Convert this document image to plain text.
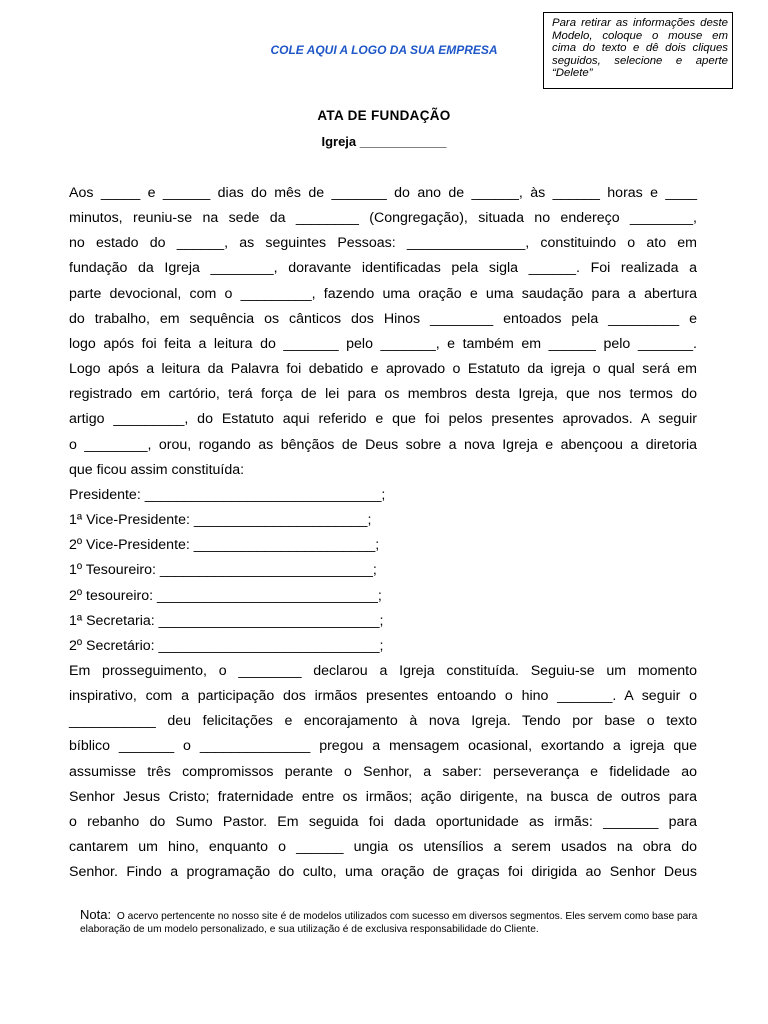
COLE AQUI A LOGO DA SUA EMPRESA
Para retirar as informações deste Modelo, coloque o mouse em cima do texto e dê dois cliques seguidos, selecione e aperte “Delete”
ATA DE FUNDAÇÃO
Igreja ____________
Aos _____ e ______ dias do mês de _______ do ano de ______, às ______ horas e ____
minutos, reuniu-se na sede da ________ (Congregação), situada no endereço ________,
no estado do ______, as seguintes Pessoas: _______________, constituindo o ato em
fundação da Igreja ________, doravante identificadas pela sigla ______. Foi realizada a
parte devocional, com o _________, fazendo uma oração e uma saudação para a abertura
do trabalho, em sequência os cânticos dos Hinos ________ entoados pela _________ e
logo após foi feita a leitura do _______ pelo _______, e também em ______ pelo _______.
Logo após a leitura da Palavra foi debatido e aprovado o Estatuto da igreja o qual será em
registrado em cartório, terá força de lei para os membros desta Igreja, que nos termos do
artigo _________, do Estatuto aqui referido e que foi pelos presentes aprovados. A seguir
o ________, orou, rogando as bênçãos de Deus sobre a nova Igreja e abençoou a diretoria
que ficou assim constituída:
Presidente: ______________________________;
1ª Vice-Presidente: ______________________;
2º Vice-Presidente: _______________________;
1º Tesoureiro: ___________________________;
2º tesoureiro: ____________________________;
1ª Secretaria: ____________________________;
2º Secretário: ____________________________;
Em prosseguimento, o ________ declarou a Igreja constituída. Seguiu-se um momento
inspirativo, com a participação dos irmãos presentes entoando o hino _______. A seguir o
___________ deu felicitações e encorajamento à nova Igreja. Tendo por base o texto
bíblico _______ o ______________ pregou a mensagem ocasional, exortando a igreja que
assumisse três compromissos perante o Senhor, a saber: perseverança e fidelidade ao
Senhor Jesus Cristo; fraternidade entre os irmãos; ação dirigente, na busca de outros para
o rebanho do Sumo Pastor. Em seguida foi dada oportunidade as irmãs: _______ para
cantarem um hino, enquanto o ______ ungia os utensílios a serem usados na obra do
Senhor. Findo a programação do culto, uma oração de graças foi dirigida ao Senhor Deus
Nota: O acervo pertencente no nosso site é de modelos utilizados com sucesso em diversos segmentos. Eles servem como base para elaboração de um modelo personalizado, e sua utilização é de exclusiva responsabilidade do Cliente.
